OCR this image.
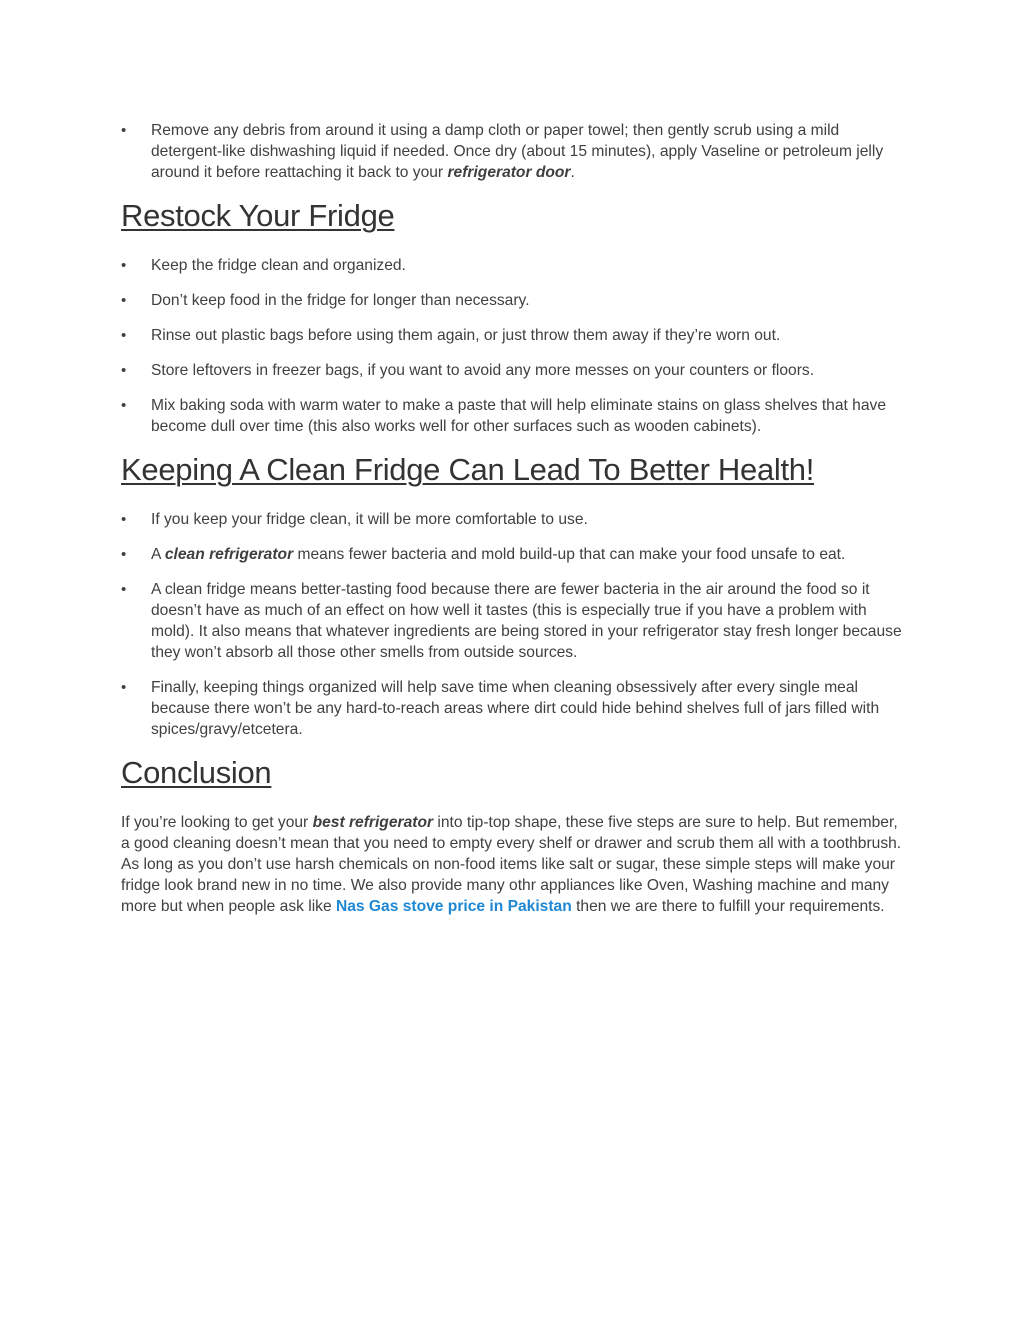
• Remove any debris from around it using a damp cloth or paper towel; then gently scrub using a mild detergent-like dishwashing liquid if needed. Once dry (about 15 minutes), apply Vaseline or petroleum jelly around it before reattaching it back to your refrigerator door.
Restock Your Fridge
• Keep the fridge clean and organized.
• Don’t keep food in the fridge for longer than necessary.
• Rinse out plastic bags before using them again, or just throw them away if they’re worn out.
• Store leftovers in freezer bags, if you want to avoid any more messes on your counters or floors.
• Mix baking soda with warm water to make a paste that will help eliminate stains on glass shelves that have become dull over time (this also works well for other surfaces such as wooden cabinets).
Keeping A Clean Fridge Can Lead To Better Health!
• If you keep your fridge clean, it will be more comfortable to use.
• A clean refrigerator means fewer bacteria and mold build-up that can make your food unsafe to eat.
• A clean fridge means better-tasting food because there are fewer bacteria in the air around the food so it doesn’t have as much of an effect on how well it tastes (this is especially true if you have a problem with mold). It also means that whatever ingredients are being stored in your refrigerator stay fresh longer because they won’t absorb all those other smells from outside sources.
• Finally, keeping things organized will help save time when cleaning obsessively after every single meal because there won’t be any hard-to-reach areas where dirt could hide behind shelves full of jars filled with spices/gravy/etcetera.
Conclusion

If you’re looking to get your best refrigerator into tip-top shape, these five steps are sure to help. But remember, a good cleaning doesn’t mean that you need to empty every shelf or drawer and scrub them all with a toothbrush. As long as you don’t use harsh chemicals on non-food items like salt or sugar, these simple steps will make your fridge look brand new in no time. We also provide many othr appliances like Oven, Washing machine and many more but when people ask like Nas Gas stove price in Pakistan then we are there to fulfill your requirements.
